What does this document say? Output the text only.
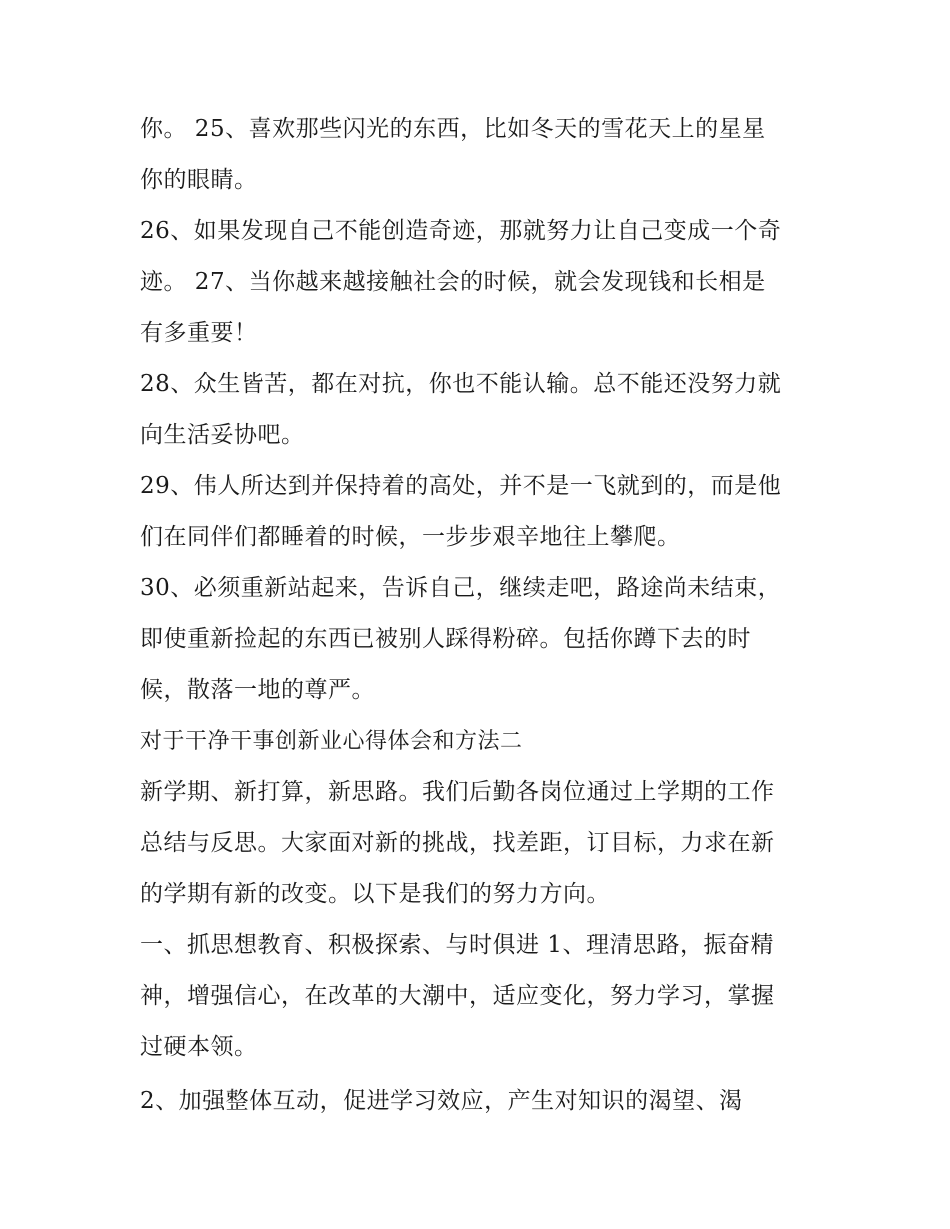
你。 25、喜欢那些闪光的东西，比如冬天的雪花天上的星星
你的眼睛。
26、如果发现自己不能创造奇迹，那就努力让自己变成一个奇
迹。 27、当你越来越接触社会的时候，就会发现钱和长相是
有多重要！
28、众生皆苦，都在对抗，你也不能认输。总不能还没努力就
向生活妥协吧。
29、伟人所达到并保持着的高处，并不是一飞就到的，而是他
们在同伴们都睡着的时候，一步步艰辛地往上攀爬。
30、必须重新站起来，告诉自己，继续走吧，路途尚未结束，
即使重新捡起的东西已被别人踩得粉碎。包括你蹲下去的时
候，散落一地的尊严。
对于干净干事创新业心得体会和方法二
新学期、新打算，新思路。我们后勤各岗位通过上学期的工作
总结与反思。大家面对新的挑战，找差距，订目标，力求在新
的学期有新的改变。以下是我们的努力方向。
一、抓思想教育、积极探索、与时俱进 1、理清思路，振奋精
神，增强信心，在改革的大潮中，适应变化，努力学习，掌握
过硬本领。
2、加强整体互动，促进学习效应，产生对知识的渴望、渴
